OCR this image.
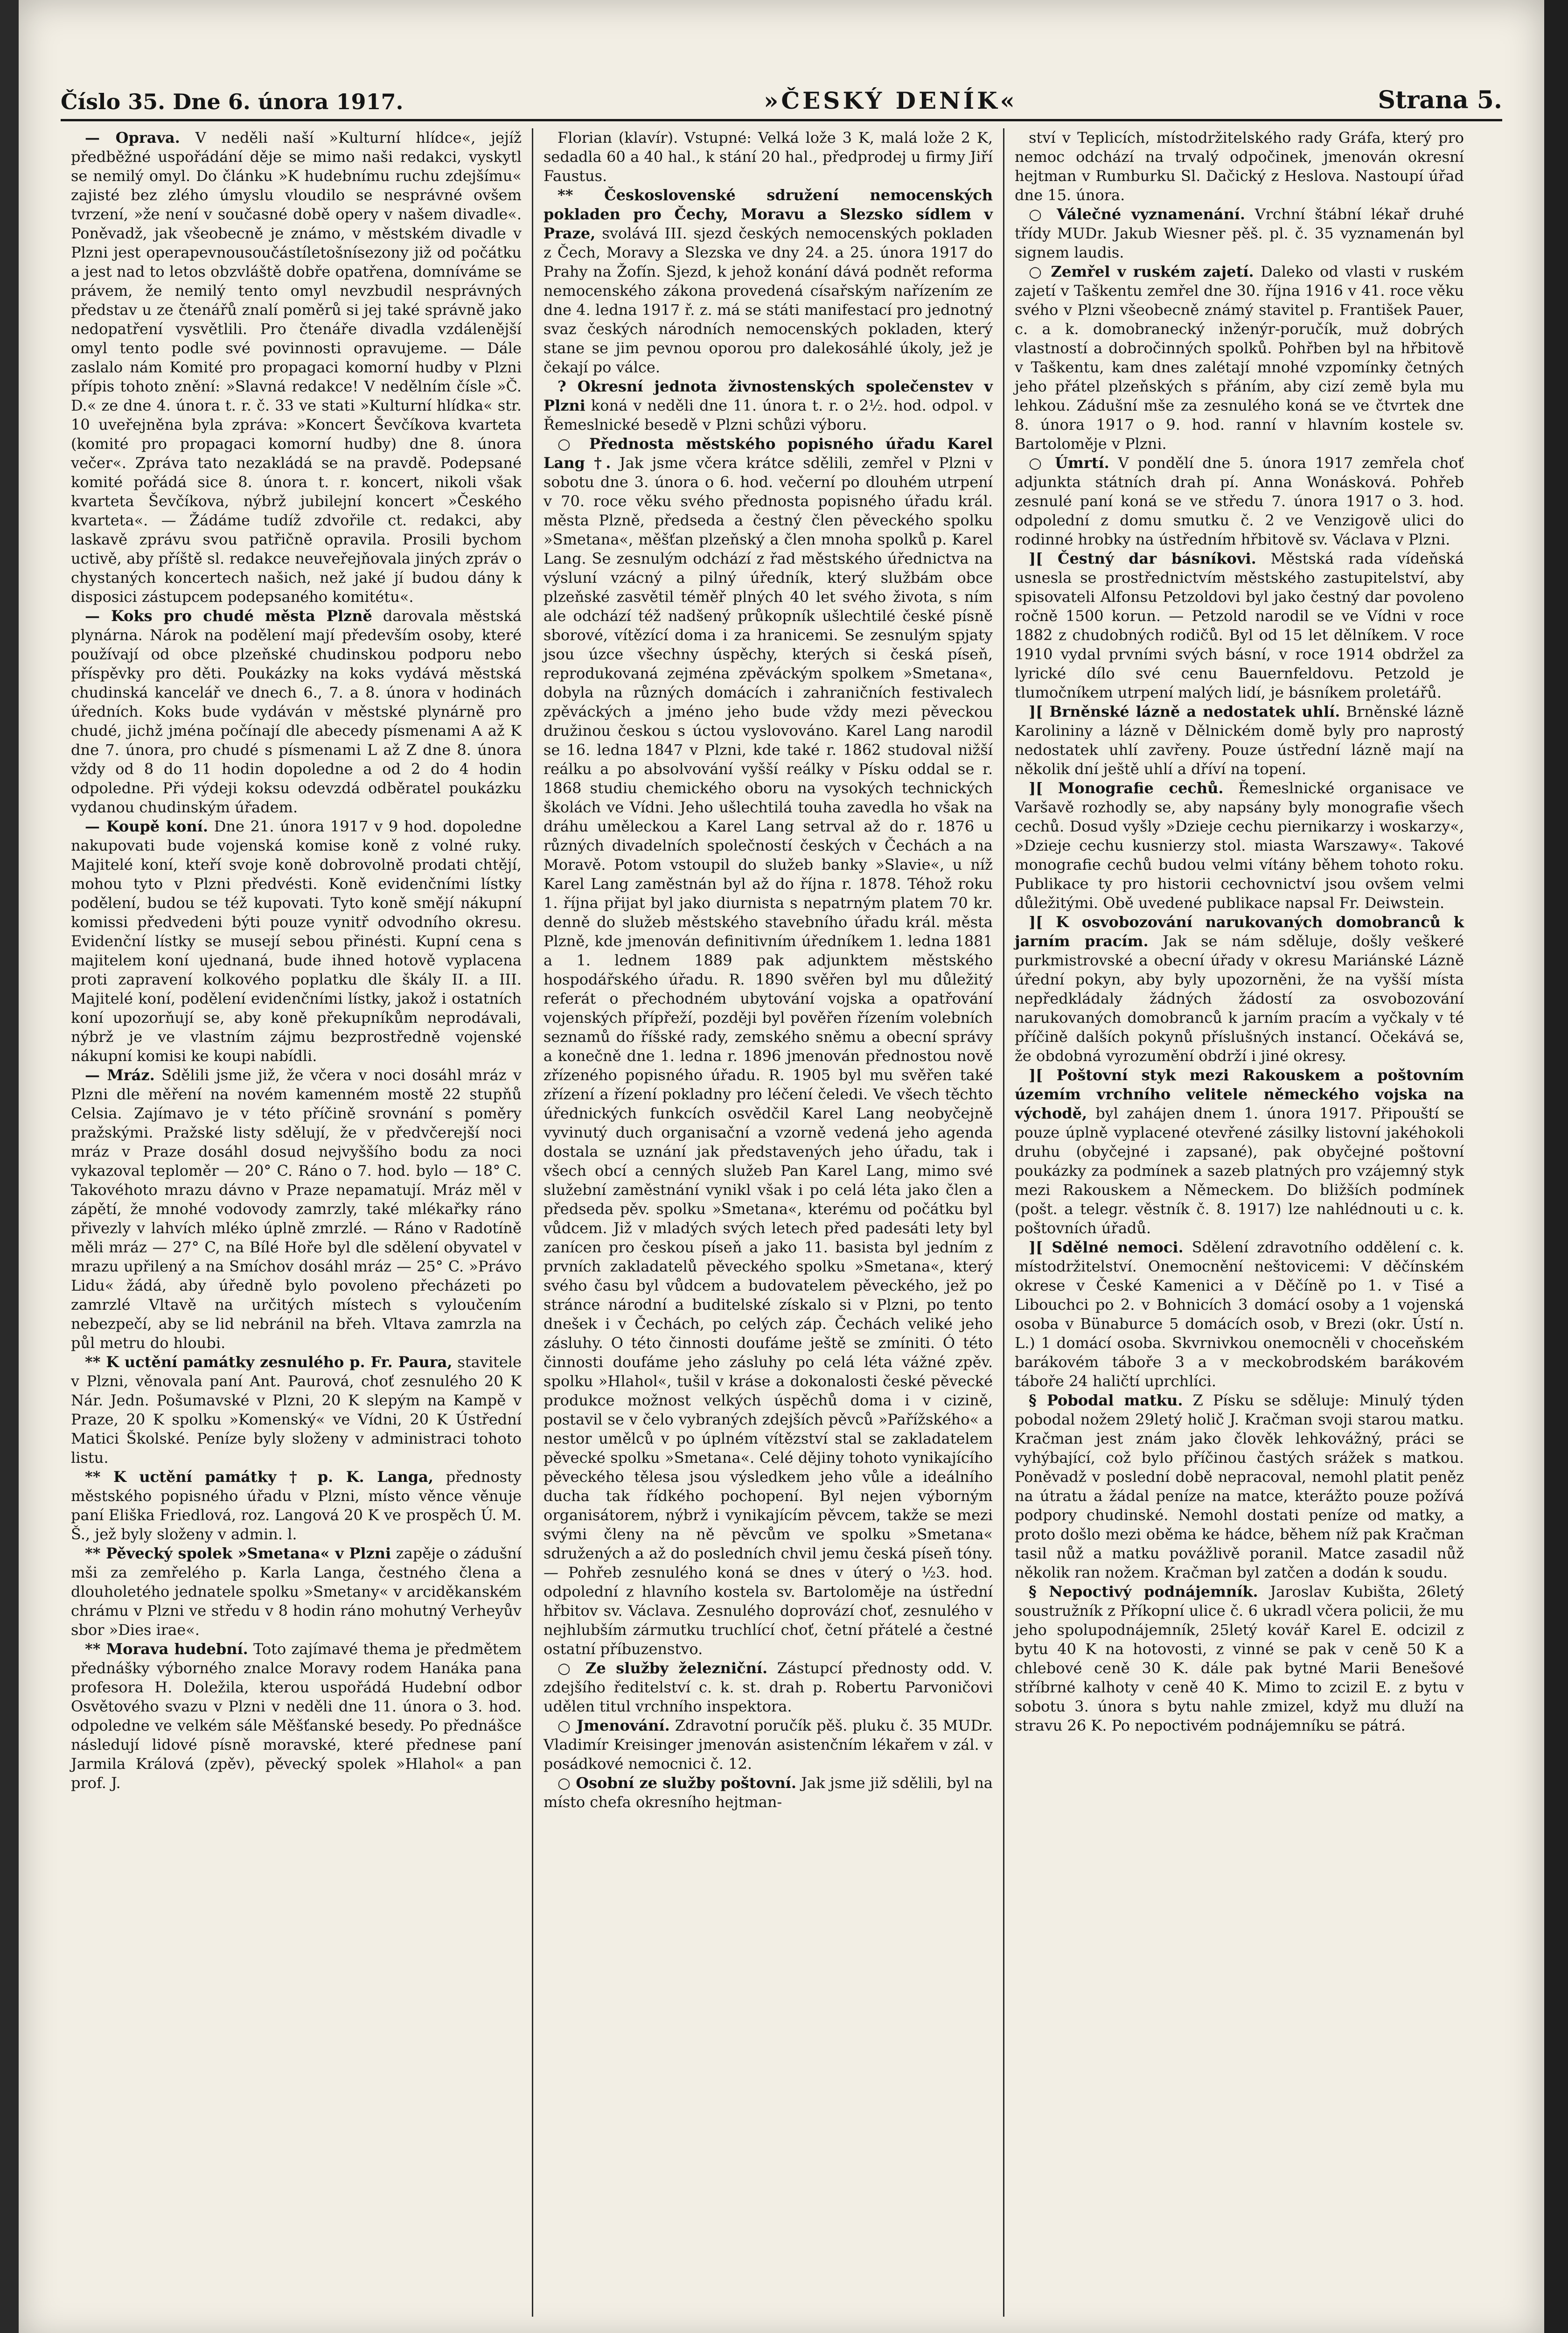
Číslo 35. Dne 6. února 1917.	»ČESKÝ DENÍK«	Strana 5.

— Oprava. V neděli naší »Kulturní hlídce«, jejíž předběžné uspořádání děje se mimo naši redakci, vyskytl se nemilý omyl. Do článku »K hudebnímu ruchu zdejšímu« zajisté bez zlého úmyslu vloudilo se nesprávné ovšem tvrzení, »že není v současné době opery v našem divadle«. Poněvadž, jak všeobecně je známo, v městském divadle v Plzni jest operapevnousoučástíletošnísezony již od počátku a jest nad to letos obzvláště dobře opatřena, domníváme se právem, že nemilý tento omyl nevzbudil nesprávných představ u ze čtenářů znalí poměrů si jej také správně jako nedopatření vysvětlili. Pro čtenáře divadla vzdálenější omyl tento podle své povinnosti opravujeme. — Dále zaslalo nám Komité pro propagaci komorní hudby v Plzni přípis tohoto znění: »Slavná redakce! V nedělním čísle »Č. D.« ze dne 4. února t. r. č. 33 ve stati »Kulturní hlídka« str. 10 uveřejněna byla zpráva: »Koncert Ševčíkova kvarteta (komité pro propagaci komorní hudby) dne 8. února večer«. Zpráva tato nezakládá se na pravdě. Podepsané komité pořádá sice 8. února t. r. koncert, nikoli však kvarteta Ševčíkova, nýbrž jubilejní koncert »Českého kvarteta«. — Žádáme tudíž zdvořile ct. redakci, aby laskavě zprávu svou patřičně opravila. Prosili bychom uctivě, aby příště sl. redakce neuveřejňovala jiných zpráv o chystaných koncertech našich, než jaké jí budou dány k disposici zástupcem podepsaného komitétu«.

— Koks pro chudé města Plzně darovala městská plynárna. Nárok na podělení mají především osoby, které používají od obce plzeňské chudinskou podporu nebo příspěvky pro děti. Poukázky na koks vydává městská chudinská kancelář ve dnech 6., 7. a 8. února v hodinách úředních. Koks bude vydáván v městské plynárně pro chudé, jichž jména počínají dle abecedy písmenami A až K dne 7. února, pro chudé s písmenami L až Z dne 8. února vždy od 8 do 11 hodin dopoledne a od 2 do 4 hodin odpoledne. Při výdeji koksu odevzdá odběratel poukázku vydanou chudinským úřadem.

— Koupě koní. Dne 21. února 1917 v 9 hod. dopoledne nakupovati bude vojenská komise koně z volné ruky. Majitelé koní, kteří svoje koně dobrovolně prodati chtějí, mohou tyto v Plzni předvésti. Koně evidenčními lístky podělení, budou se též kupovati. Tyto koně smějí nákupní komissi předvedeni býti pouze vynitř odvodního okresu. Evidenční lístky se musejí sebou přinésti. Kupní cena s majitelem koní ujednaná, bude ihned hotově vyplacena proti zapravení kolkového poplatku dle škály II. a III. Majitelé koní, podělení evidenčními lístky, jakož i ostatních koní upozorňují se, aby koně překupníkům neprodávali, nýbrž je ve vlastním zájmu bezprostředně vojenské nákupní komisi ke koupi nabídli.

— Mráz. Sdělili jsme již, že včera v noci dosáhl mráz v Plzni dle měření na novém kamenném mostě 22 stupňů Celsia. Zajímavo je v této příčině srovnání s poměry pražskými. Pražské listy sdělují, že v předvčerejší noci mráz v Praze dosáhl dosud nejvyššího bodu za noci vykazoval teploměr — 20° C. Ráno o 7. hod. bylo — 18° C. Takovéhoto mrazu dávno v Praze nepamatují. Mráz měl v zápětí, že mnohé vodovody zamrzly, také mlékařky ráno přivezly v lahvích mléko úplně zmrzlé. — Ráno v Radotíně měli mráz — 27° C, na Bílé Hoře byl dle sdělení obyvatel v mrazu upřilený a na Smíchov dosáhl mráz — 25° C. »Právo Lidu« žádá, aby úředně bylo povoleno přecházeti po zamrzlé Vltavě na určitých místech s vyloučením nebezpečí, aby se lid nebránil na břeh. Vltava zamrzla na půl metru do hloubi.

** K uctění památky zesnulého p. Fr. Paura, stavitele v Plzni, věnovala paní Ant. Paurová, choť zesnulého 20 K Nár. Jedn. Pošumavské v Plzni, 20 K slepým na Kampě v Praze, 20 K spolku »Komenský« ve Vídni, 20 K Ústřední Matici Školské. Peníze byly složeny v administraci tohoto listu.

** K uctění památky † p. K. Langa, přednosty městského popisného úřadu v Plzni, místo věnce věnuje paní Eliška Friedlová, roz. Langová 20 K ve prospěch Ú. M. Š., jež byly složeny v admin. l.

** Pěvecký spolek »Smetana« v Plzni zapěje o zádušní mši za zemřelého p. Karla Langa, čestného člena a dlouholetého jednatele spolku »Smetany« v arciděkanském chrámu v Plzni ve středu v 8 hodin ráno mohutný Verheyův sbor »Dies irae«.

** Morava hudební. Toto zajímavé thema je předmětem přednášky výborného znalce Moravy rodem Hanáka pana profesora H. Doležila, kterou uspořádá Hudební odbor Osvětového svazu v Plzni v neděli dne 11. února o 3. hod. odpoledne ve velkém sále Měšťanské besedy. Po přednášce následují lidové písně moravské, které přednese paní Jarmila Králová (zpěv), pěvecký spolek »Hlahol« a pan prof. J.

Florian (klavír). Vstupné: Velká lože 3 K, malá lože 2 K, sedadla 60 a 40 hal., k stání 20 hal., předprodej u firmy Jiří Faustus.

** Československé sdružení nemocenských pokladen pro Čechy, Moravu a Slezsko sídlem v Praze, svolává III. sjezd českých nemocenských pokladen z Čech, Moravy a Slezska ve dny 24. a 25. února 1917 do Prahy na Žofín. Sjezd, k jehož konání dává podnět reforma nemocenského zákona provedená císařským nařízením ze dne 4. ledna 1917 ř. z. má se státi manifestací pro jednotný svaz českých národních nemocenských pokladen, který stane se jim pevnou oporou pro dalekosáhlé úkoly, jež je čekají po válce.

? Okresní jednota živnostenských společenstev v Plzni koná v neděli dne 11. února t. r. o 2½. hod. odpol. v Řemeslnické besedě v Plzni schůzi výboru.

○ Přednosta městského popisného úřadu Karel Lang †. Jak jsme včera krátce sdělili, zemřel v Plzni v sobotu dne 3. února o 6. hod. večerní po dlouhém utrpení v 70. roce věku svého přednosta popisného úřadu král. města Plzně, předseda a čestný člen pěveckého spolku »Smetana«, měšťan plzeňský a člen mnoha spolků p. Karel Lang. Se zesnulým odchází z řad městského úřednictva na výsluní vzácný a pilný úředník, který službám obce plzeňské zasvětil téměř plných 40 let svého života, s ním ale odchází též nadšený průkopník ušlechtilé české písně sborové, vítězící doma i za hranicemi. Se zesnulým spjaty jsou úzce všechny úspěchy, kterých si česká píseň, reprodukovaná zejména zpěváckým spolkem »Smetana«, dobyla na různých domácích i zahraničních festivalech zpěváckých a jméno jeho bude vždy mezi pěveckou družinou českou s úctou vyslovováno. Karel Lang narodil se 16. ledna 1847 v Plzni, kde také r. 1862 studoval nižší reálku a po absolvování vyšší reálky v Písku oddal se r. 1868 studiu chemického oboru na vysokých technických školách ve Vídni. Jeho ušlechtilá touha zavedla ho však na dráhu uměleckou a Karel Lang setrval až do r. 1876 u různých divadelních společností českých v Čechách a na Moravě. Potom vstoupil do služeb banky »Slavie«, u níž Karel Lang zaměstnán byl až do října r. 1878. Téhož roku 1. října přijat byl jako diurnista s nepatrným platem 70 kr. denně do služeb městského stavebního úřadu král. města Plzně, kde jmenován definitivním úředníkem 1. ledna 1881 a 1. lednem 1889 pak adjunktem městského hospodářského úřadu. R. 1890 svěřen byl mu důležitý referát o přechodném ubytování vojska a opatřování vojenských přípřeží, později byl pověřen řízením volebních seznamů do říšské rady, zemského sněmu a obecní správy a konečně dne 1. ledna r. 1896 jmenován přednostou nově zřízeného popisného úřadu. R. 1905 byl mu svěřen také zřízení a řízení pokladny pro léčení čeledi. Ve všech těchto úřednických funkcích osvědčil Karel Lang neobyčejně vyvinutý duch organisační a vzorně vedená jeho agenda dostala se uznání jak představených jeho úřadu, tak i všech obcí a cenných služeb Pan Karel Lang, mimo své služební zaměstnání vynikl však i po celá léta jako člen a předseda pěv. spolku »Smetana«, kterému od počátku byl vůdcem. Již v mladých svých letech před padesáti lety byl zanícen pro českou píseň a jako 11. basista byl jedním z prvních zakladatelů pěveckého spolku »Smetana«, který svého času byl vůdcem a budovatelem pěveckého, jež po stránce národní a buditelské získalo si v Plzni, po tento dnešek i v Čechách, po celých záp. Čechách veliké jeho zásluhy. O této činnosti doufáme ještě se zmíniti. Ó této činnosti doufáme jeho zásluhy po celá léta vážné zpěv. spolku »Hlahol«, tušil v kráse a dokonalosti české pěvecké produkce možnost velkých úspěchů doma i v cizině, postavil se v čelo vybraných zdejších pěvců »Pařížského« a nestor umělců v po úplném vítězství stal se zakladatelem pěvecké spolku »Smetana«. Celé dějiny tohoto vynikajícího pěveckého tělesa jsou výsledkem jeho vůle a ideálního ducha tak řídkého pochopení. Byl nejen výborným organisátorem, nýbrž i vynikajícím pěvcem, takže se mezi svými členy na ně pěvcům ve spolku »Smetana« sdružených a až do posledních chvil jemu česká píseň tóny. — Pohřeb zesnulého koná se dnes v úterý o ½3. hod. odpolední z hlavního kostela sv. Bartoloměje na ústřední hřbitov sv. Václava. Zesnulého doprovází choť, zesnulého v nejhlubším zármutku truchlící choť, četní přátelé a čestné ostatní příbuzenstvo.

○ Ze služby železniční. Zástupcí přednosty odd. V. zdejšího ředitelství c. k. st. drah p. Robertu Parvoničovi udělen titul vrchního inspektora.

○ Jmenování. Zdravotní poručík pěš. pluku č. 35 MUDr. Vladimír Kreisinger jmenován asistenčním lékařem v zál. v posádkové nemocnici č. 12.

○ Osobní ze služby poštovní. Jak jsme již sdělili, byl na místo chefa okresního hejtman-

ství v Teplicích, místodržitelského rady Gráfa, který pro nemoc odchází na trvalý odpočinek, jmenován okresní hejtman v Rumburku Sl. Dačický z Heslova. Nastoupí úřad dne 15. února.

○ Válečné vyznamenání. Vrchní štábní lékař druhé třídy MUDr. Jakub Wiesner pěš. pl. č. 35 vyznamenán byl signem laudis.

○ Zemřel v ruském zajetí. Daleko od vlasti v ruském zajetí v Taškentu zemřel dne 30. října 1916 v 41. roce věku svého v Plzni všeobecně známý stavitel p. František Pauer, c. a k. domobranecký inženýr-poručík, muž dobrých vlastností a dobročinných spolků. Pohřben byl na hřbitově v Taškentu, kam dnes zalétají mnohé vzpomínky četných jeho přátel plzeňských s přáním, aby cizí země byla mu lehkou. Zádušní mše za zesnulého koná se ve čtvrtek dne 8. února 1917 o 9. hod. ranní v hlavním kostele sv. Bartoloměje v Plzni.

○ Úmrtí. V pondělí dne 5. února 1917 zemřela choť adjunkta státních drah pí. Anna Wonásková. Pohřeb zesnulé paní koná se ve středu 7. února 1917 o 3. hod. odpolední z domu smutku č. 2 ve Venzigově ulici do rodinné hrobky na ústředním hřbitově sv. Václava v Plzni.

][ Čestný dar básníkovi. Městská rada vídeňská usnesla se prostřednictvím městského zastupitelství, aby spisovateli Alfonsu Petzoldovi byl jako čestný dar povoleno ročně 1500 korun. — Petzold narodil se ve Vídni v roce 1882 z chudobných rodičů. Byl od 15 let dělníkem. V roce 1910 vydal prvními svých básní, v roce 1914 obdržel za lyrické dílo své cenu Bauernfeldovu. Petzold je tlumočníkem utrpení malých lidí, je básníkem proletářů.

][ Brněnské lázně a nedostatek uhlí. Brněnské lázně Karolininy a lázně v Dělnickém domě byly pro naprostý nedostatek uhlí zavřeny. Pouze ústřední lázně mají na několik dní ještě uhlí a dříví na topení.

][ Monografie cechů. Řemeslnické organisace ve Varšavě rozhodly se, aby napsány byly monografie všech cechů. Dosud vyšly »Dzieje cechu piernikarzy i woskarzy«, »Dzieje cechu kusnierzy stol. miasta Warszawy«. Takové monografie cechů budou velmi vítány během tohoto roku. Publikace ty pro historii cechovnictví jsou ovšem velmi důležitými. Obě uvedené publikace napsal Fr. Deiwstein.

][ K osvobozování narukovaných domobranců k jarním pracím. Jak se nám sděluje, došly veškeré purkmistrovské a obecní úřady v okresu Mariánské Lázně úřední pokyn, aby byly upozorněni, že na vyšší místa nepředkládaly žádných žádostí za osvobozování narukovaných domobranců k jarním pracím a vyčkaly v té příčině dalších pokynů příslušných instancí. Očekává se, že obdobná vyrozumění obdrží i jiné okresy.

][ Poštovní styk mezi Rakouskem a poštovním územím vrchního velitele německého vojska na východě, byl zahájen dnem 1. února 1917. Připouští se pouze úplně vyplacené otevřené zásilky listovní jakéhokoli druhu (obyčejné i zapsané), pak obyčejné poštovní poukázky za podmínek a sazeb platných pro vzájemný styk mezi Rakouskem a Německem. Do bližších podmínek (pošt. a telegr. věstník č. 8. 1917) lze nahlédnouti u c. k. poštovních úřadů.

][ Sdělné nemoci. Sdělení zdravotního oddělení c. k. místodržitelství. Onemocnění neštovicemi: V děčínském okrese v České Kamenici a v Děčíně po 1. v Tisé a Libouchci po 2. v Bohnicích 3 domácí osoby a 1 vojenská osoba v Bünaburce 5 domácích osob, v Brezi (okr. Ústí n. L.) 1 domácí osoba. Skvrnivkou onemocněli v choceňském barákovém táboře 3 a v meckobrodském barákovém táboře 24 haličtí uprchlíci.

§ Pobodal matku. Z Písku se sděluje: Minulý týden pobodal nožem 29letý holič J. Kračman svoji starou matku. Kračman jest znám jako člověk lehkovážný, práci se vyhýbající, což bylo příčinou častých srážek s matkou. Poněvadž v poslední době nepracoval, nemohl platit peněz na útratu a žádal peníze na matce, kterážto pouze požívá podpory chudinské. Nemohl dostati peníze od matky, a proto došlo mezi oběma ke hádce, během níž pak Kračman tasil nůž a matku povážlivě poranil. Matce zasadil nůž několik ran nožem. Kračman byl zatčen a dodán k soudu.

§ Nepoctivý podnájemník. Jaroslav Kubišta, 26letý soustružník z Příkopní ulice č. 6 ukradl včera policii, že mu jeho spolupodnájemník, 25letý kovář Karel E. odcizil z bytu 40 K na hotovosti, z vinné se pak v ceně 50 K a chlebové ceně 30 K. dále pak bytné Marii Benešové stříbrné kalhoty v ceně 40 K. Mimo to zcizil E. z bytu v sobotu 3. února s bytu nahle zmizel, když mu dluží na stravu 26 K. Po nepoctivém podnájemníku se pátrá.
